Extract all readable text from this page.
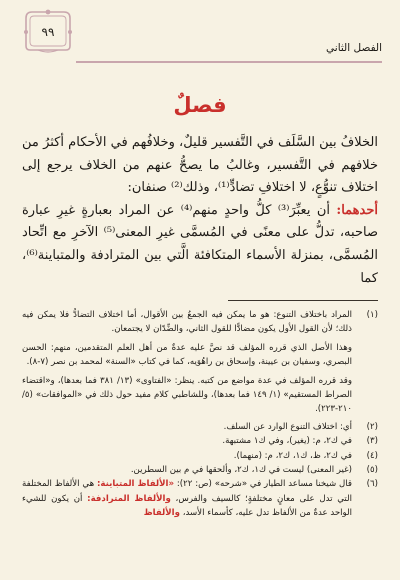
٩٩
الفصل الثاني
فصلٌ

الخلافُ بين السَّلَف في التَّفسير قليلٌ، وخلافُهم في الأحكام أكثرُ من خلافهم في التَّفسير، وغالبُ ما يصحُّ عنهم من الخلاف يرجع إلى اختلاف تنوُّعٍ، لا اختلافِ تضادٍّ⁽¹⁾، وذلك⁽²⁾ صنفان:

أحدهما: أن يعبِّرَ⁽³⁾ كلُّ واحدٍ منهم⁽⁴⁾ عن المراد بعبارةٍ غيرِ عبارة صاحبه، تدلُّ على معنًى في المُسمَّى غيرِ المعنى⁽⁵⁾ الآخرِ مع اتِّحاد المُسمَّى، بمنزلة الأسماء المتكافئة الَّتي بين المترادفة والمتباينة⁽⁶⁾، كما

(١)

المراد باختلاف التنوع: هو ما يمكن فيه الجمعُ بين الأقوال، أما اختلاف التضادُّ فلا يمكن فيه ذلك؛ لأن القول الأول يكون مضادًّا للقول الثاني، والضِّدّان لا يجتمعان.

وهذا الأصل الذي قرره المؤلف قد نصَّ عليه عدةٌ من أهل العلم المتقدمين، منهم: الحسن البصري، وسفيان بن عيينة، وإسحاق بن راهُوَيه، كما في كتاب «السنة» لمحمد بن نصر (٧-٨).

وقد قرره المؤلف في عدة مواضع من كتبه. ينظر: «الفتاوى» (١٣/ ٣٨١ فما بعدها)، و«اقتضاء الصراط المستقيم» (١/ ١٤٩ فما بعدها)، وللشاطبي كلام مفيد حول ذلك في «الموافقات» (٥/ ٢١٠-٢٢٣).

(٢)
أي: اختلاف التنوع الوارد عن السلف.
(٣)
في ك٢، م: (يغير)، وفي ك١ مشتبهة.
(٤)
في ك٢، ظ، ك١، ك٢، م: (منهما).
(٥)
(غير المعنى) ليست في ك١، ك٢، وألحقها في م بين السطرين.
(٦)
قال شيخنا مساعد الطيار في «شرحه» (ص: ٢٢): «الألفاظ المتباينة: هي الألفاظ المختلفة التي تدل على معانٍ مختلفةٍ؛ كالسيف والفرس، والألفاظ المترادفة: أن يكون للشيء الواحد عدةٌ من الألفاظ تدل عليه، كأسماء الأسد، والألفاظ
